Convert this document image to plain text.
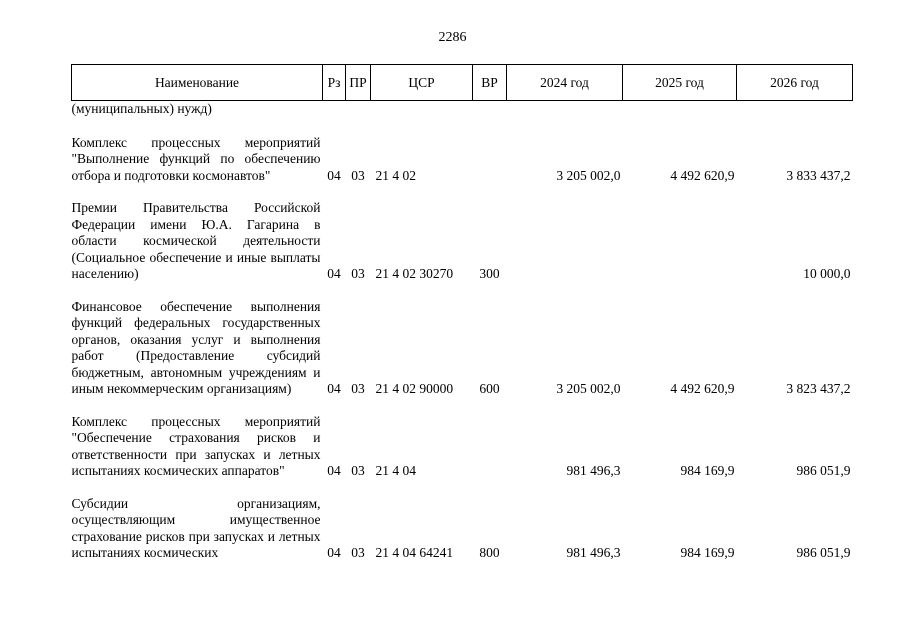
2286
Наименование	Рз	ПР	ЦСР	ВР	2024 год	2025 год	2026 год
(муниципальных) нужд)							
Комплекс процессных мероприятий "Выполнение функций по обеспечению отбора и подготовки космонавтов"	04	03	21 4 02		3 205 002,0	4 492 620,9	3 833 437,2
Премии Правительства Российской Федерации имени Ю.А. Гагарина в области космической деятельности (Социальное обеспечение и иные выплаты населению)	04	03	21 4 02 30270	300			10 000,0
Финансовое обеспечение выполнения функций федеральных государственных органов, оказания услуг и выполнения работ (Предоставление субсидий бюджетным, автономным учреждениям и иным некоммерческим организациям)	04	03	21 4 02 90000	600	3 205 002,0	4 492 620,9	3 823 437,2
Комплекс процессных мероприятий "Обеспечение страхования рисков и ответственности при запусках и летных испытаниях космических аппаратов"	04	03	21 4 04		981 496,3	984 169,9	986 051,9
Субсидии организациям, осуществляющим имущественное страхование рисков при запусках и летных испытаниях космических	04	03	21 4 04 64241	800	981 496,3	984 169,9	986 051,9
